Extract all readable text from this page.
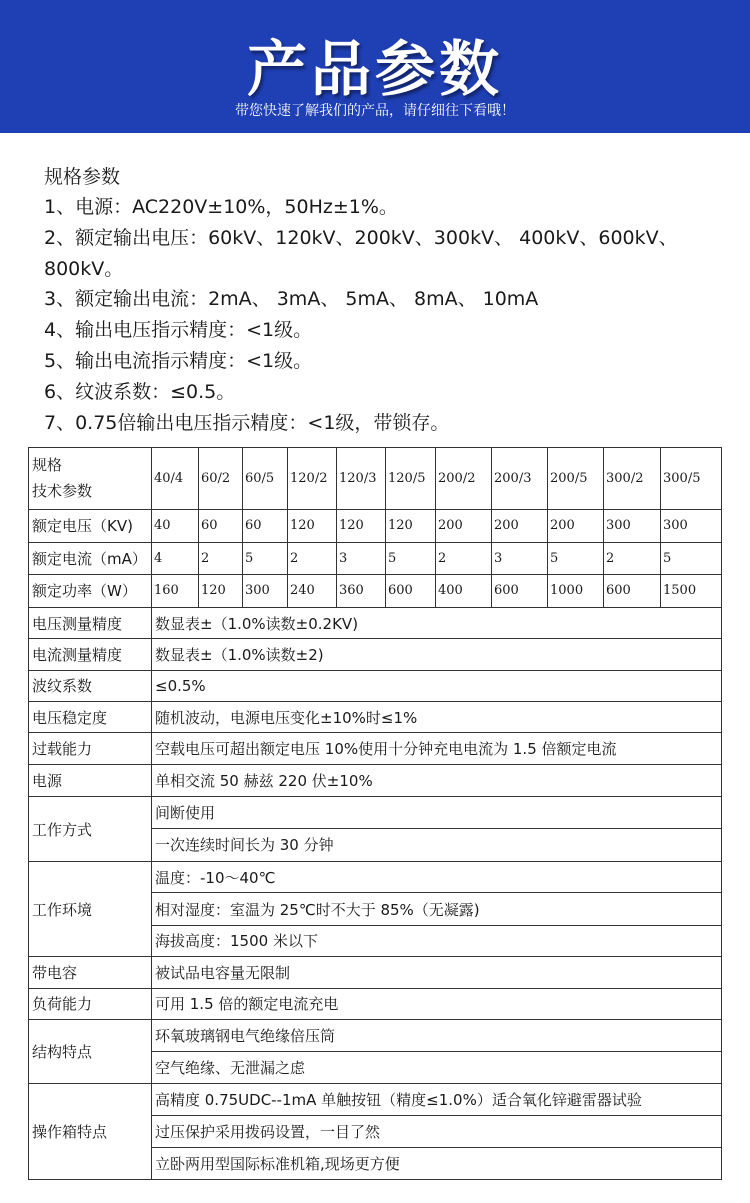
产品参数
带您快速了解我们的产品，请仔细往下看哦！
规格参数
1、电源：AC220V±10%，50Hz±1%。
2、额定输出电压：60kV、120kV、200kV、300kV、 400kV、600kV、
800kV。
3、额定输出电流：2mA、 3mA、 5mA、 8mA、 10mA
4、输出电压指示精度：<1级。
5、输出电流指示精度：<1级。
6、纹波系数：≤0.5。
7、0.75倍输出电压指示精度：<1级，带锁存。
规格
技术参数	40/4	60/2	60/5	120/2	120/3	120/5	200/2	200/3	200/5	300/2	300/5
额定电压（KV)	40	60	60	120	120	120	200	200	200	300	300
额定电流（mA）	4	2	5	2	3	5	2	3	5	2	5
额定功率（W）	160	120	300	240	360	600	400	600	1000	600	1500
电压测量精度	数显表±（1.0%读数±0.2KV)										
电流测量精度	数显表±（1.0%读数±2)										
波纹系数	≤0.5%										
电压稳定度	随机波动，电源电压变化±10%时≤1%										
过载能力	空载电压可超出额定电压 10%使用十分钟充电电流为 1.5 倍额定电流										
电源	单相交流 50 赫兹 220 伏±10%										
工作方式	间断使用										
	一次连续时间长为 30 分钟										
工作环境	温度：-10～40℃										
	相对湿度：室温为 25℃时不大于 85%（无凝露)										
	海拔高度：1500 米以下										
带电容	被试品电容量无限制										
负荷能力	可用 1.5 倍的额定电流充电										
结构特点	环氧玻璃钢电气绝缘倍压筒										
	空气绝缘、无泄漏之虑										
操作箱特点	高精度 0.75UDC--1mA 单触按钮（精度≤1.0%）适合氧化锌避雷器试验										
	过压保护采用拨码设置，一目了然										
	立卧两用型国际标准机箱,现场更方便										
